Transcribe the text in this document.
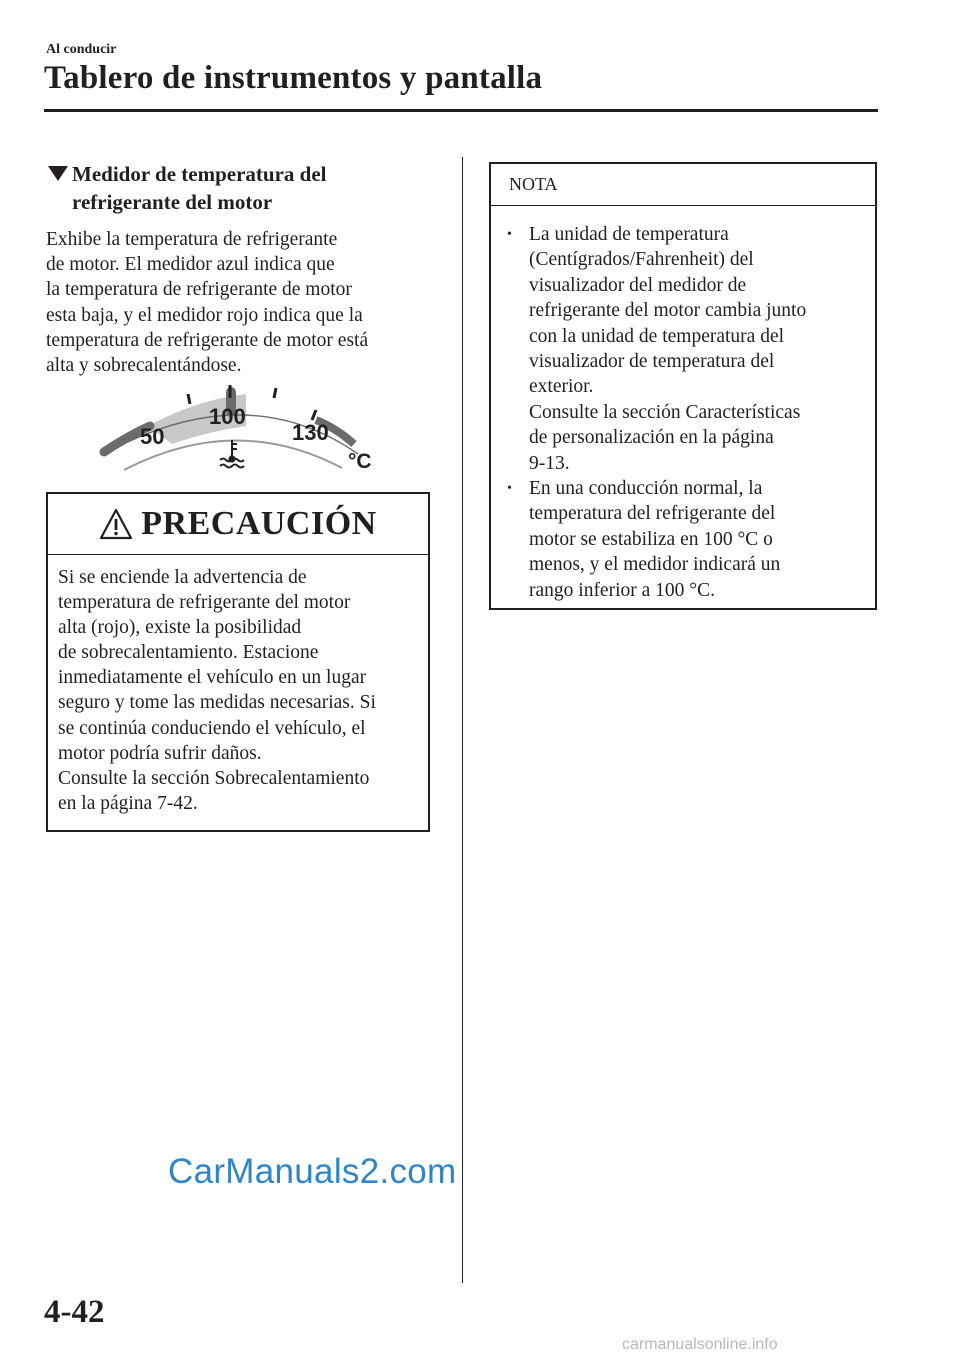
Al conducir
Tablero de instrumentos y pantalla
Medidor de temperatura del
refrigerante del motor
Exhibe la temperatura de refrigerante
de motor. El medidor azul indica que
la temperatura de refrigerante de motor
esta baja, y el medidor rojo indica que la
temperatura de refrigerante de motor está
alta y sobrecalentándose.
50
100
130
°C
PRECAUCIÓN
Si se enciende la advertencia de
temperatura de refrigerante del motor
alta (rojo), existe la posibilidad
de sobrecalentamiento. Estacione
inmediatamente el vehículo en un lugar
seguro y tome las medidas necesarias. Si
se continúa conduciendo el vehículo, el
motor podría sufrir daños.
Consulte la sección Sobrecalentamiento
en la página 7-42.
NOTA
• La unidad de temperatura
(Centígrados/Fahrenheit) del
visualizador del medidor de
refrigerante del motor cambia junto
con la unidad de temperatura del
visualizador de temperatura del
exterior.
Consulte la sección Características
de personalización en la página
9-13.
• En una conducción normal, la
temperatura del refrigerante del
motor se estabiliza en 100 °C o
menos, y el medidor indicará un
rango inferior a 100 °C.
CarManuals2.com
4-42
carmanualsonline.info
